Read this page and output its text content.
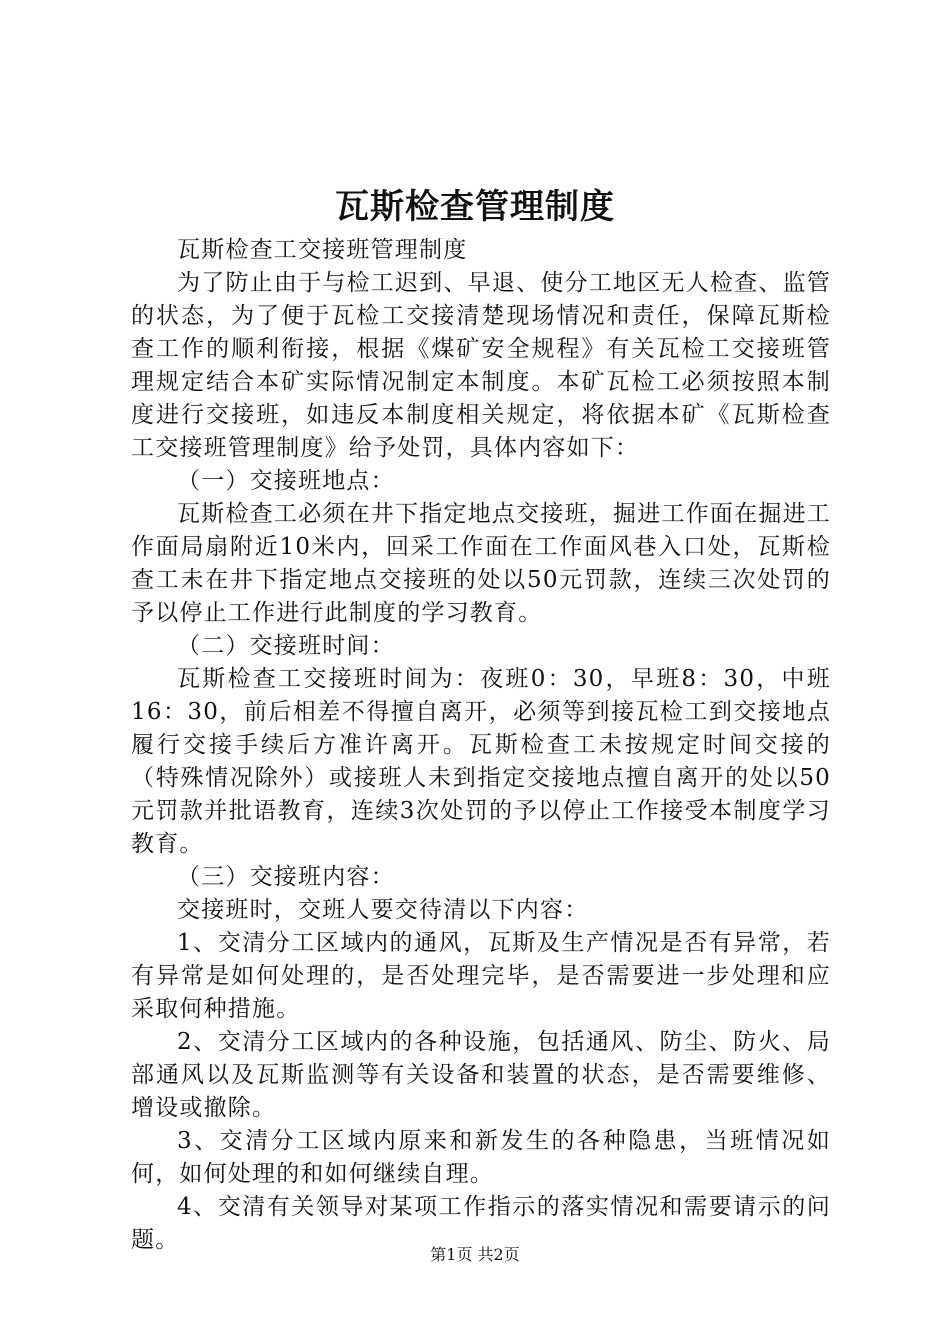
瓦斯检查管理制度

瓦斯检查工交接班管理制度

为了防止由于与检工迟到、早退、使分工地区无人检查、监管的状态，为了便于瓦检工交接清楚现场情况和责任，保障瓦斯检查工作的顺利衔接，根据《煤矿安全规程》有关瓦检工交接班管理规定结合本矿实际情况制定本制度。本矿瓦检工必须按照本制度进行交接班，如违反本制度相关规定，将依据本矿《瓦斯检查工交接班管理制度》给予处罚，具体内容如下：

（一）交接班地点：

瓦斯检查工必须在井下指定地点交接班，掘进工作面在掘进工作面局扇附近10米内，回采工作面在工作面风巷入口处，瓦斯检查工未在井下指定地点交接班的处以50元罚款，连续三次处罚的予以停止工作进行此制度的学习教育。

（二）交接班时间：

瓦斯检查工交接班时间为：夜班0：30，早班8：30，中班16：30，前后相差不得擅自离开，必须等到接瓦检工到交接地点履行交接手续后方准许离开。瓦斯检查工未按规定时间交接的（特殊情况除外）或接班人未到指定交接地点擅自离开的处以50元罚款并批语教育，连续3次处罚的予以停止工作接受本制度学习教育。

（三）交接班内容：

交接班时，交班人要交待清以下内容：

1、交清分工区域内的通风，瓦斯及生产情况是否有异常，若有异常是如何处理的，是否处理完毕，是否需要进一步处理和应采取何种措施。

2、交清分工区域内的各种设施，包括通风、防尘、防火、局部通风以及瓦斯监测等有关设备和装置的状态，是否需要维修、增设或撤除。

3、交清分工区域内原来和新发生的各种隐患，当班情况如何，如何处理的和如何继续自理。

4、交清有关领导对某项工作指示的落实情况和需要请示的问题。

第1页 共2页
